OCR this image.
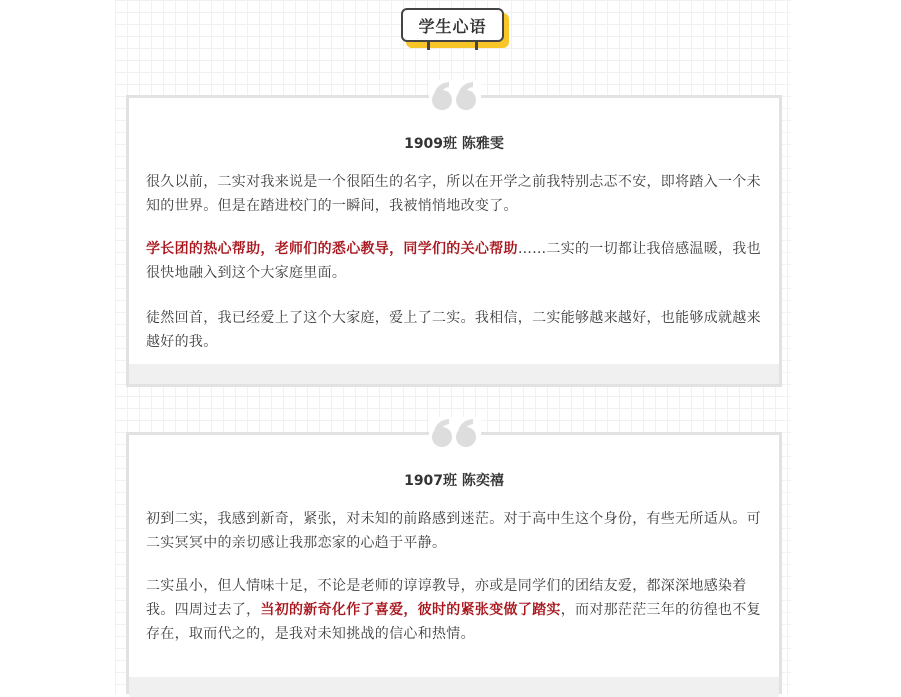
学生心语
1909班 陈雅雯

很久以前，二实对我来说是一个很陌生的名字，所以在开学之前我特别忐忑不安，即将踏入一个未知的世界。但是在踏进校门的一瞬间，我被悄悄地改变了。

学长团的热心帮助，老师们的悉心教导，同学们的关心帮助……二实的一切都让我倍感温暖，我也很快地融入到这个大家庭里面。

徒然回首，我已经爱上了这个大家庭，爱上了二实。我相信，二实能够越来越好，也能够成就越来越好的我。

1907班 陈奕禧

初到二实，我感到新奇，紧张，对未知的前路感到迷茫。对于高中生这个身份，有些无所适从。可二实冥冥中的亲切感让我那恋家的心趋于平静。

二实虽小，但人情味十足，不论是老师的谆谆教导，亦或是同学们的团结友爱，都深深地感染着我。四周过去了，当初的新奇化作了喜爱，彼时的紧张变做了踏实，而对那茫茫三年的彷徨也不复存在，取而代之的，是我对未知挑战的信心和热情。
